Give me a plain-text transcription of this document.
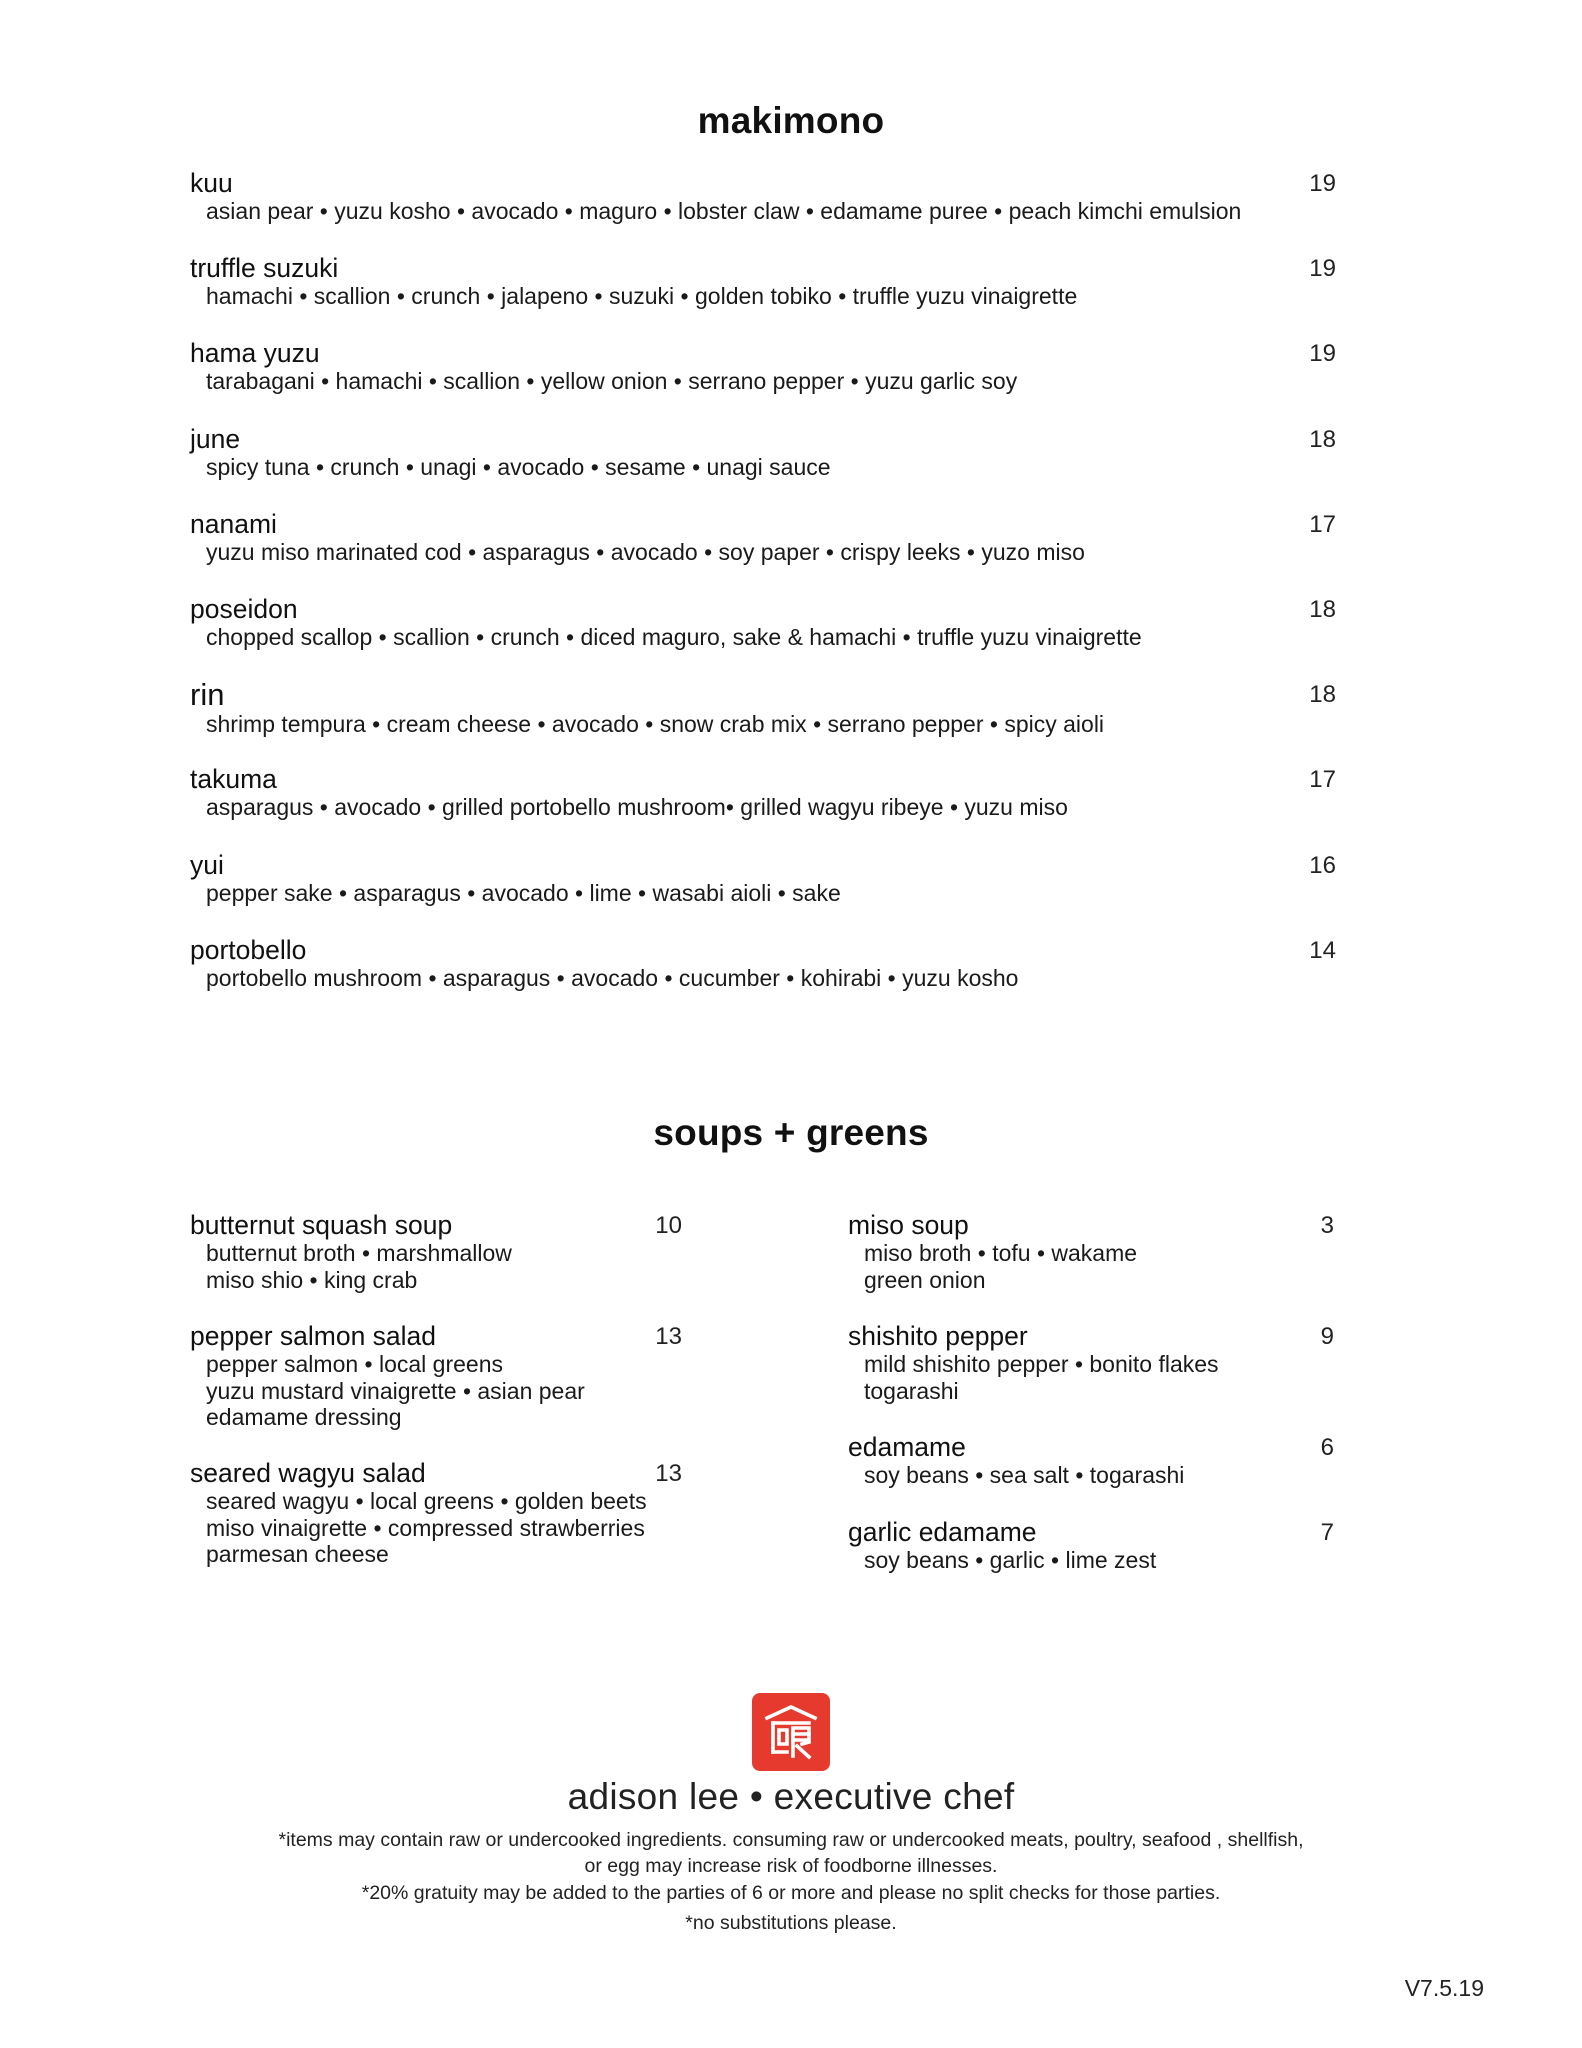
makimono
kuu
asian pear • yuzu kosho • avocado • maguro • lobster claw • edamame puree • peach kimchi emulsion
19
truffle suzuki
hamachi • scallion • crunch • jalapeno • suzuki • golden tobiko • truffle yuzu vinaigrette
19
hama yuzu
tarabagani • hamachi • scallion • yellow onion • serrano pepper • yuzu garlic soy
19
june
spicy tuna • crunch • unagi • avocado • sesame • unagi sauce
18
nanami
yuzu miso marinated cod • asparagus • avocado • soy paper • crispy leeks • yuzo miso
17
poseidon
chopped scallop • scallion • crunch • diced maguro, sake & hamachi • truffle yuzu vinaigrette
18
rin
shrimp tempura • cream cheese • avocado • snow crab mix • serrano pepper • spicy aioli
18
takuma
asparagus • avocado • grilled portobello mushroom• grilled wagyu ribeye • yuzu miso
17
yui
pepper sake • asparagus • avocado • lime • wasabi aioli • sake
16
portobello
portobello mushroom • asparagus • avocado • cucumber • kohirabi • yuzu kosho
14
soups + greens
butternut squash soup
butternut broth • marshmallow
miso shio • king crab
10
pepper salmon salad
pepper salmon • local greens
yuzu mustard vinaigrette • asian pear
edamame dressing
13
seared wagyu salad
seared wagyu • local greens • golden beets
miso vinaigrette • compressed strawberries
parmesan cheese
13
miso soup
miso broth • tofu • wakame
green onion
3
shishito pepper
mild shishito pepper • bonito flakes
togarashi
9
edamame
soy beans • sea salt • togarashi
6
garlic edamame
soy beans • garlic • lime zest
7
adison lee • executive chef
*items may contain raw or undercooked ingredients. consuming raw or undercooked meats, poultry, seafood , shellfish,
or egg may increase risk of foodborne illnesses.
*20% gratuity may be added to the parties of 6 or more and please no split checks for those parties.
*no substitutions please.
V7.5.19
